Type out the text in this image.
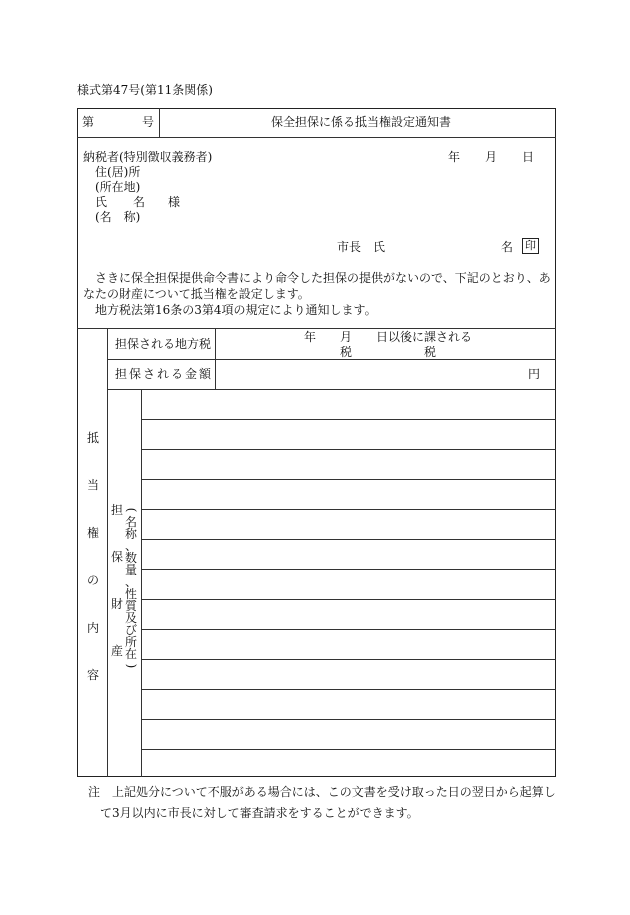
様式第47号(第11条関係)
第	号	保全担保に係る抵当権設定通知書
納税者(特別徴収義務者)	年 月 日
住(居)所
(所在地)
氏 名 様
(名　称)
市長　氏	名 印
さきに保全担保提供命令書により命令した担保の提供がないので、下記のとおり、あ
なたの財産について抵当権を設定します。
地方税法第16条の3第4項の規定により通知します。
担保される地方税	年　　月　　日以後に課される
税　　　　　　税
担保される金額	円
抵
当
権
の
内
容
担
保
財
産
(
名
称
、
数
量
、
性
質
及
び
所
在
)
注　上記処分について不服がある場合には、この文書を受け取った日の翌日から起算し
て3月以内に市長に対して審査請求をすることができます。
